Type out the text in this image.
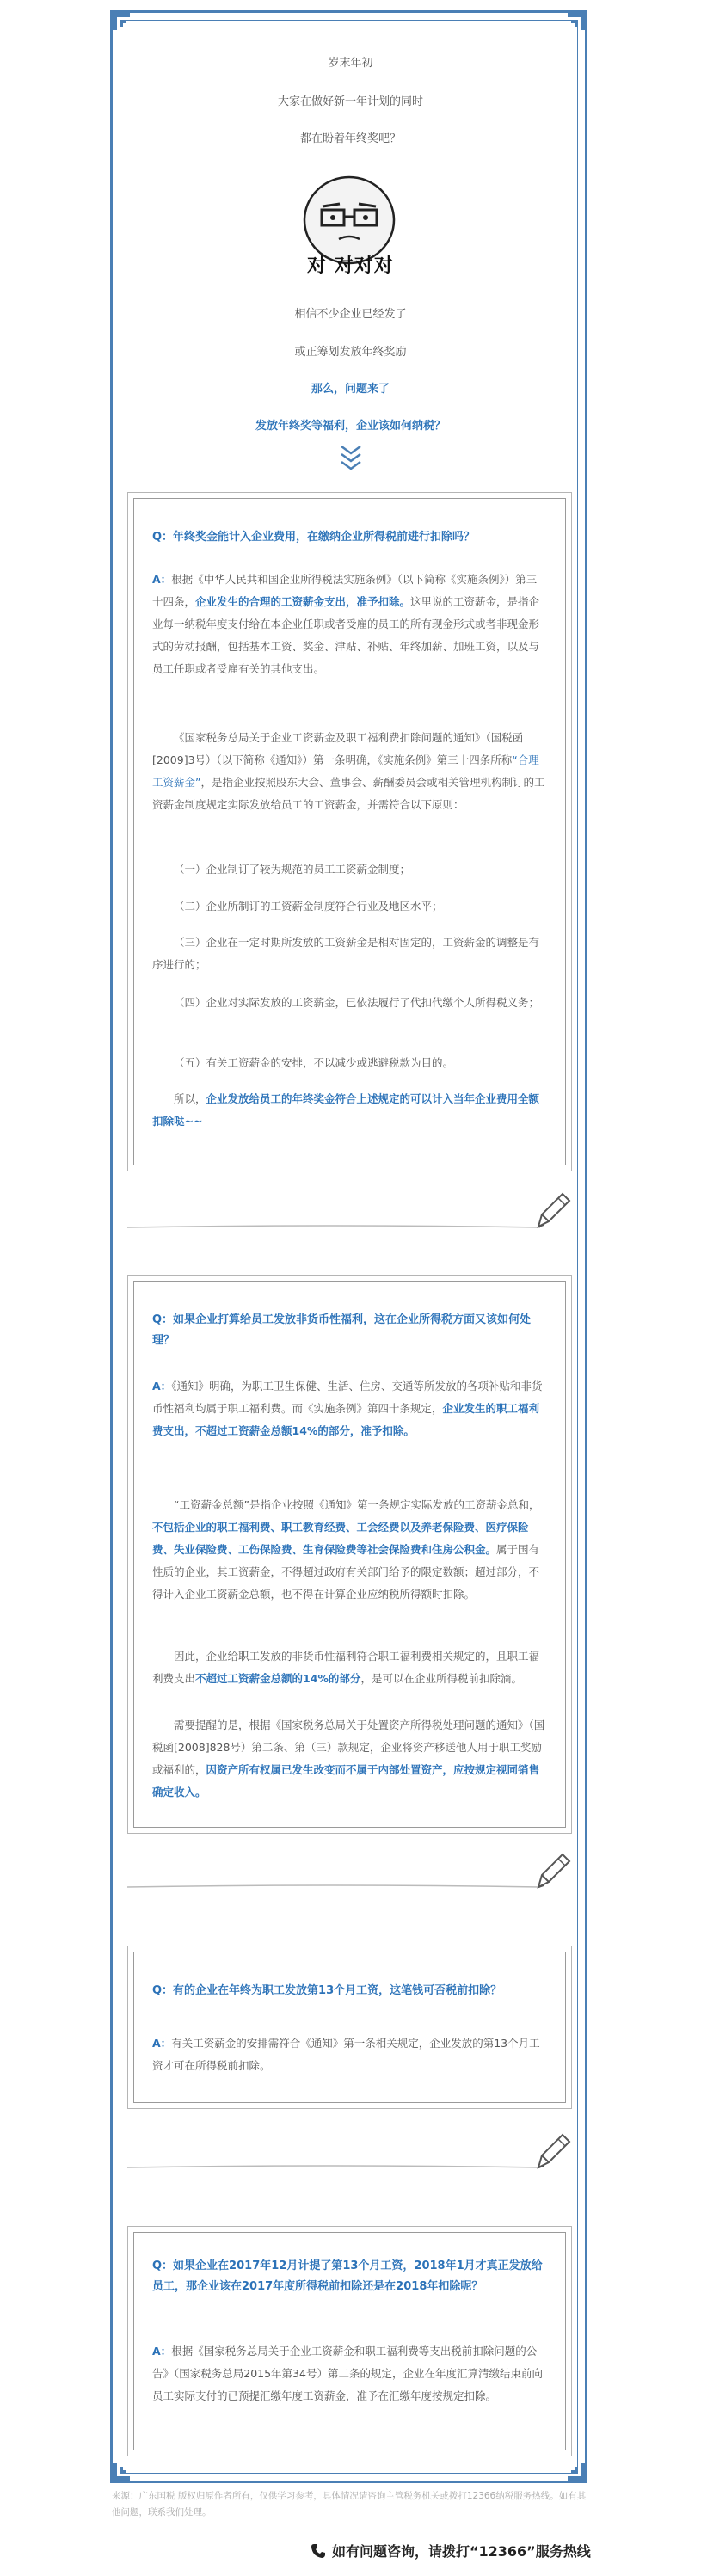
岁末年初
大家在做好新一年计划的同时
都在盼着年终奖吧？
对 对对对
相信不少企业已经发了
或正筹划发放年终奖励
那么，问题来了
发放年终奖等福利，企业该如何纳税？
Q：年终奖金能计入企业费用，在缴纳企业所得税前进行扣除吗？
A：根据《中华人民共和国企业所得税法实施条例》（以下简称《实施条例》）第三十四条，企业发生的合理的工资薪金支出，准予扣除。这里说的工资薪金，是指企业每一纳税年度支付给在本企业任职或者受雇的员工的所有现金形式或者非现金形式的劳动报酬，包括基本工资、奖金、津贴、补贴、年终加薪、加班工资，以及与员工任职或者受雇有关的其他支出。
《国家税务总局关于企业工资薪金及职工福利费扣除问题的通知》（国税函[2009]3号）（以下简称《通知》）第一条明确，《实施条例》第三十四条所称“合理工资薪金”，是指企业按照股东大会、董事会、薪酬委员会或相关管理机构制订的工资薪金制度规定实际发放给员工的工资薪金，并需符合以下原则：
（一）企业制订了较为规范的员工工资薪金制度；
（二）企业所制订的工资薪金制度符合行业及地区水平；
（三）企业在一定时期所发放的工资薪金是相对固定的，工资薪金的调整是有序进行的；
（四）企业对实际发放的工资薪金，已依法履行了代扣代缴个人所得税义务；
（五）有关工资薪金的安排，不以减少或逃避税款为目的。
所以，企业发放给员工的年终奖金符合上述规定的可以计入当年企业费用全额扣除哒~~
Q：如果企业打算给员工发放非货币性福利，这在企业所得税方面又该如何处理？
A：《通知》明确，为职工卫生保健、生活、住房、交通等所发放的各项补贴和非货币性福利均属于职工福利费。而《实施条例》第四十条规定，企业发生的职工福利费支出，不超过工资薪金总额14%的部分，准予扣除。
“工资薪金总额”是指企业按照《通知》第一条规定实际发放的工资薪金总和，不包括企业的职工福利费、职工教育经费、工会经费以及养老保险费、医疗保险费、失业保险费、工伤保险费、生育保险费等社会保险费和住房公积金。属于国有性质的企业，其工资薪金，不得超过政府有关部门给予的限定数额；超过部分，不得计入企业工资薪金总额，也不得在计算企业应纳税所得额时扣除。
因此，企业给职工发放的非货币性福利符合职工福利费相关规定的，且职工福利费支出不超过工资薪金总额的14%的部分，是可以在企业所得税前扣除滴。
需要提醒的是，根据《国家税务总局关于处置资产所得税处理问题的通知》（国税函[2008]828号）第二条、第（三）款规定，企业将资产移送他人用于职工奖励或福利的，因资产所有权属已发生改变而不属于内部处置资产，应按规定视同销售确定收入。
Q：有的企业在年终为职工发放第13个月工资，这笔钱可否税前扣除？
A：有关工资薪金的安排需符合《通知》第一条相关规定，企业发放的第13个月工资才可在所得税前扣除。
Q：如果企业在2017年12月计提了第13个月工资，2018年1月才真正发放给员工，那企业该在2017年度所得税前扣除还是在2018年扣除呢？
A：根据《国家税务总局关于企业工资薪金和职工福利费等支出税前扣除问题的公告》（国家税务总局2015年第34号）第二条的规定，企业在年度汇算清缴结束前向员工实际支付的已预提汇缴年度工资薪金，准予在汇缴年度按规定扣除。
来源：广东国税 版权归原作者所有，仅供学习参考，具体情况请咨询主管税务机关或拨打12366纳税服务热线。如有其他问题，联系我们处理。
如有问题咨询，请拨打“12366”服务热线
